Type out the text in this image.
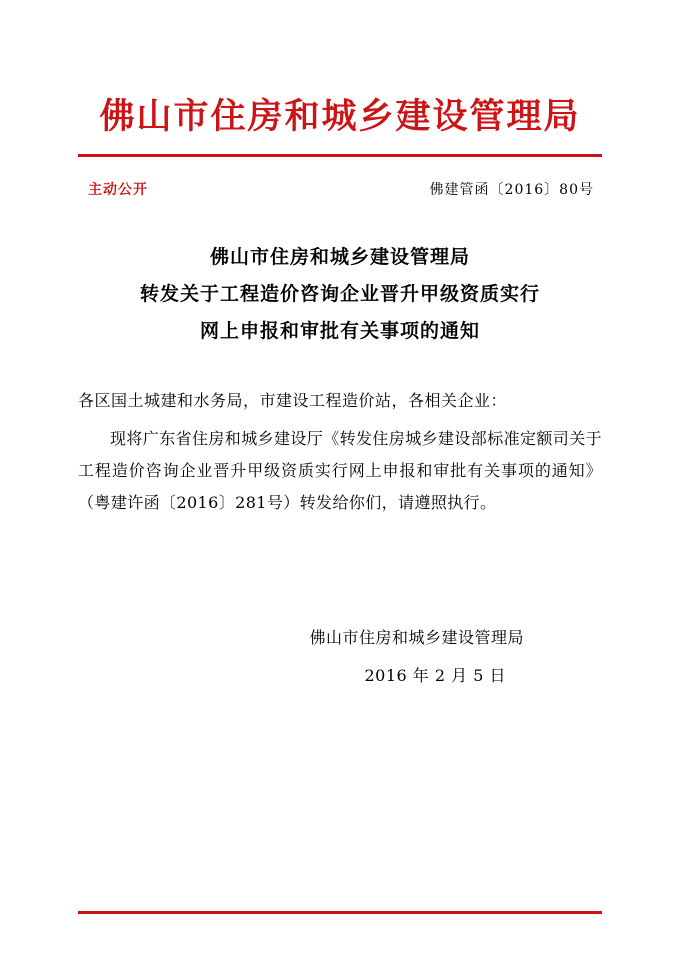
佛山市住房和城乡建设管理局
主动公开	佛建管函〔2016〕80号
佛山市住房和城乡建设管理局
转发关于工程造价咨询企业晋升甲级资质实行
网上申报和审批有关事项的通知
各区国土城建和水务局，市建设工程造价站，各相关企业：
现将广东省住房和城乡建设厅《转发住房城乡建设部标准定额司关于工程造价咨询企业晋升甲级资质实行网上申报和审批有关事项的通知》（粤建许函〔2016〕281号）转发给你们，请遵照执行。
佛山市住房和城乡建设管理局
2016 年 2 月 5 日
